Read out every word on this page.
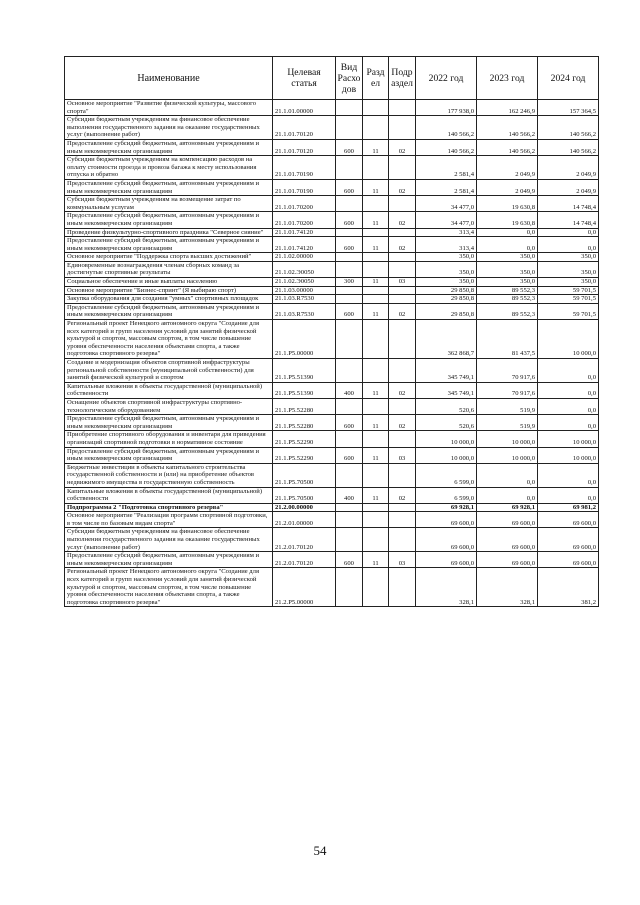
Наименование	Целевая статья	Вид Расхо дов	Разд ел	Подр аздел	2022 год	2023 год	2024 год
Основное мероприятие "Развитие физической культуры, массового спорта"	21.1.01.00000				177 938,0	162 246,9	157 364,5
Субсидии бюджетным учреждениям на финансовое обеспечение выполнения государственного задания на оказание государственных услуг (выполнение работ)	21.1.01.70120				140 566,2	140 566,2	140 566,2
Предоставление субсидий бюджетным, автономным учреждениям и иным некоммерческим организациям	21.1.01.70120	600	11	02	140 566,2	140 566,2	140 566,2
Субсидии бюджетным учреждениям на компенсацию расходов на оплату стоимости проезда и провоза багажа к месту использования отпуска и обратно	21.1.01.70190				2 581,4	2 049,9	2 049,9
Предоставление субсидий бюджетным, автономным учреждениям и иным некоммерческим организациям	21.1.01.70190	600	11	02	2 581,4	2 049,9	2 049,9
Субсидии бюджетным учреждениям на возмещение затрат по коммунальным услугам	21.1.01.70200				34 477,0	19 630,8	14 748,4
Предоставление субсидий бюджетным, автономным учреждениям и иным некоммерческим организациям	21.1.01.70200	600	11	02	34 477,0	19 630,8	14 748,4
Проведение физкультурно-спортивного праздника "Северное сияние"	21.1.01.74120				313,4	0,0	0,0
Предоставление субсидий бюджетным, автономным учреждениям и иным некоммерческим организациям	21.1.01.74120	600	11	02	313,4	0,0	0,0
Основное мероприятие "Поддержка спорта высших достижений"	21.1.02.00000				350,0	350,0	350,0
Единовременные вознаграждения членам сборных команд за достигнутые спортивные результаты	21.1.02.Э0050				350,0	350,0	350,0
Социальное обеспечение и иные выплаты населению	21.1.02.Э0050	300	11	03	350,0	350,0	350,0
Основное мероприятие "Бизнес-спринт" (Я выбираю спорт)	21.1.03.00000				29 850,8	89 552,3	59 701,5
Закупка оборудования для создания "умных" спортивных площадок	21.1.03.R7530				29 850,8	89 552,3	59 701,5
Предоставление субсидий бюджетным, автономным учреждениям и иным некоммерческим организациям	21.1.03.R7530	600	11	02	29 850,8	89 552,3	59 701,5
Региональный проект Ненецкого автономного округа "Создание для всех категорий и групп населения условий для занятий физической культурой и спортом, массовым спортом, в том числе повышение уровня обеспеченности населения объектами спорта, а также подготовка спортивного резерва"	21.1.P5.00000				362 868,7	81 437,5	10 000,0
Создание и модернизация объектов спортивной инфраструктуры региональной собственности (муниципальной собственности) для занятий физической культурой и спортом	21.1.P5.51390				345 749,1	70 917,6	0,0
Капитальные вложения в объекты государственной (муниципальной) собственности	21.1.P5.51390	400	11	02	345 749,1	70 917,6	0,0
Оснащение объектов спортивной инфраструктуры спортивно-технологическим оборудованием	21.1.P5.52280				520,6	519,9	0,0
Предоставление субсидий бюджетным, автономным учреждениям и иным некоммерческим организациям	21.1.P5.52280	600	11	02	520,6	519,9	0,0
Приобретение спортивного оборудования и инвентаря для приведения организаций спортивной подготовки в нормативное состояние	21.1.P5.52290				10 000,0	10 000,0	10 000,0
Предоставление субсидий бюджетным, автономным учреждениям и иным некоммерческим организациям	21.1.P5.52290	600	11	03	10 000,0	10 000,0	10 000,0
Бюджетные инвестиции в объекты капитального строительства государственной собственности и (или) на приобретение объектов недвижимого имущества в государственную собственность	21.1.P5.70500				6 599,0	0,0	0,0
Капитальные вложения в объекты государственной (муниципальной) собственности	21.1.P5.70500	400	11	02	6 599,0	0,0	0,0
Подпрограмма 2 "Подготовка спортивного резерва"	21.2.00.00000				69 928,1	69 928,1	69 981,2
Основное мероприятие "Реализация программ спортивной подготовки, в том числе по базовым видам спорта"	21.2.01.00000				69 600,0	69 600,0	69 600,0
Субсидии бюджетным учреждениям на финансовое обеспечение выполнения государственного задания на оказание государственных услуг (выполнение работ)	21.2.01.70120				69 600,0	69 600,0	69 600,0
Предоставление субсидий бюджетным, автономным учреждениям и иным некоммерческим организациям	21.2.01.70120	600	11	03	69 600,0	69 600,0	69 600,0
Региональный проект Ненецкого автономного округа "Создание для всех категорий и групп населения условий для занятий физической культурой и спортом, массовым спортом, в том числе повышение уровня обеспеченности населения объектами спорта, а также подготовка спортивного резерва"	21.2.P5.00000				328,1	328,1	381,2
54
